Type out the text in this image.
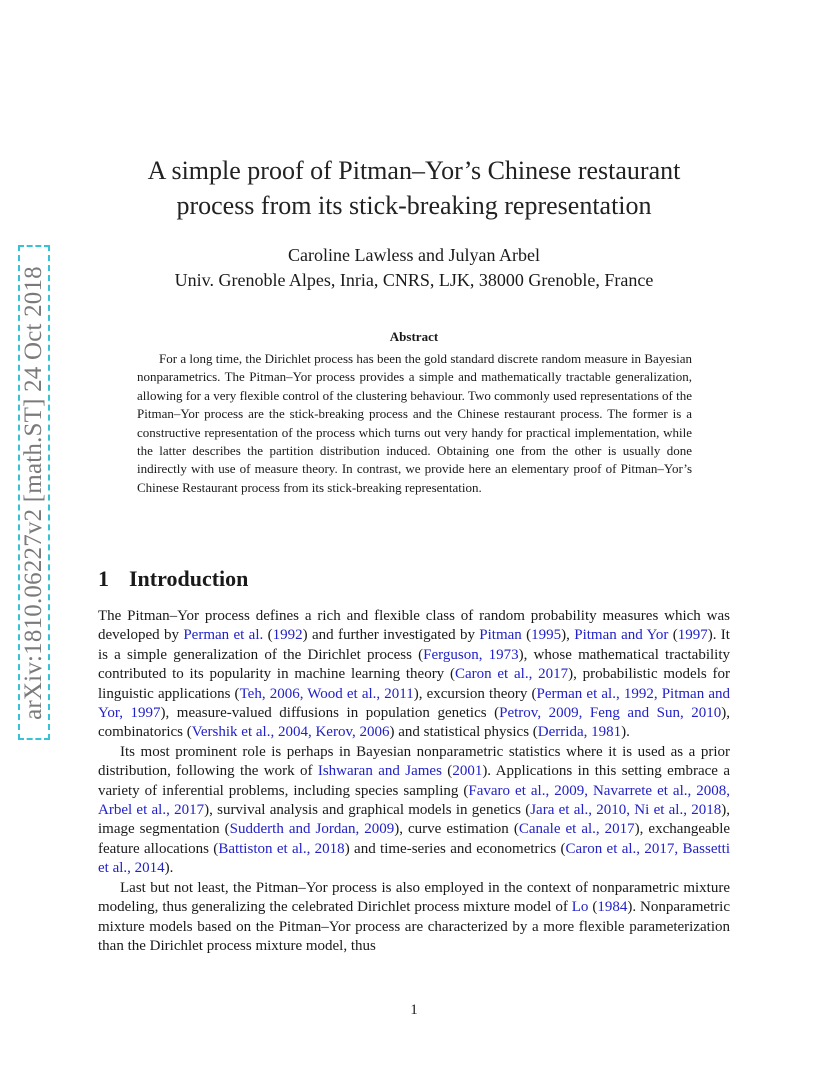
arXiv:1810.06227v2 [math.ST] 24 Oct 2018
A simple proof of Pitman–Yor’s Chinese restaurant
process from its stick-breaking representation
Caroline Lawless and Julyan Arbel
Univ. Grenoble Alpes, Inria, CNRS, LJK, 38000 Grenoble, France
Abstract

For a long time, the Dirichlet process has been the gold standard discrete random measure in Bayesian nonparametrics. The Pitman–Yor process provides a simple and mathematically tractable generalization, allowing for a very flexible control of the clustering behaviour. Two commonly used representations of the Pitman–Yor process are the stick-breaking process and the Chinese restaurant process. The former is a constructive representation of the process which turns out very handy for practical implementation, while the latter describes the partition distribution induced. Obtaining one from the other is usually done indirectly with use of measure theory. In contrast, we provide here an elementary proof of Pitman–Yor’s Chinese Restaurant process from its stick-breaking representation.

1 Introduction

The Pitman–Yor process defines a rich and flexible class of random probability measures which was developed by Perman et al. (1992) and further investigated by Pitman (1995), Pitman and Yor (1997). It is a simple generalization of the Dirichlet process (Ferguson, 1973), whose mathematical tractability contributed to its popularity in machine learning theory (Caron et al., 2017), probabilistic models for linguistic applications (Teh, 2006, Wood et al., 2011), excursion theory (Perman et al., 1992, Pitman and Yor, 1997), measure-valued diffusions in population genetics (Petrov, 2009, Feng and Sun, 2010), combinatorics (Vershik et al., 2004, Kerov, 2006) and statistical physics (Derrida, 1981).

Its most prominent role is perhaps in Bayesian nonparametric statistics where it is used as a prior distribution, following the work of Ishwaran and James (2001). Applications in this setting embrace a variety of inferential problems, including species sampling (Favaro et al., 2009, Navarrete et al., 2008, Arbel et al., 2017), survival analysis and graphical models in genetics (Jara et al., 2010, Ni et al., 2018), image segmentation (Sudderth and Jordan, 2009), curve estimation (Canale et al., 2017), exchangeable feature allocations (Battiston et al., 2018) and time-series and econometrics (Caron et al., 2017, Bassetti et al., 2014).

Last but not least, the Pitman–Yor process is also employed in the context of nonparametric mixture modeling, thus generalizing the celebrated Dirichlet process mixture model of Lo (1984). Nonparametric mixture models based on the Pitman–Yor process are characterized by a more flexible parameterization than the Dirichlet process mixture model, thus

1
